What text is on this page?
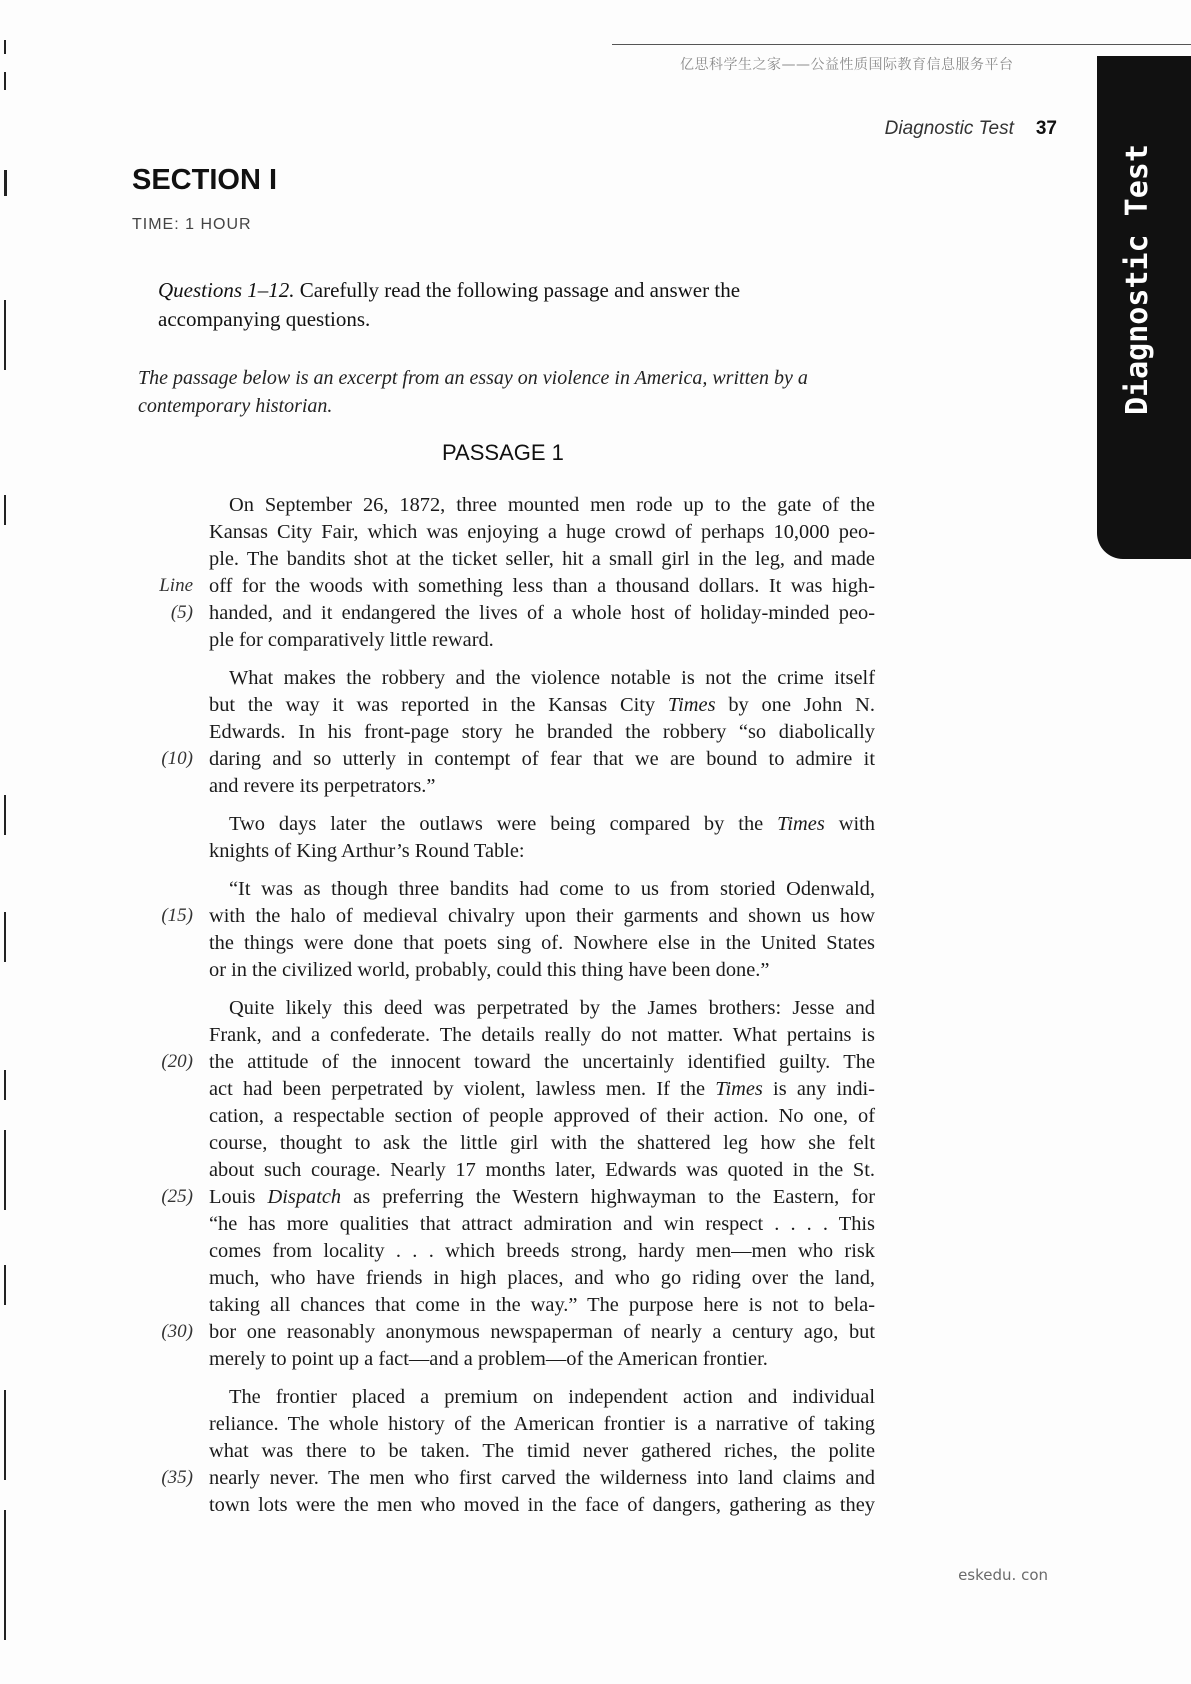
亿思科学生之家——公益性质国际教育信息服务平台
Diagnostic Test 37
Diagnostic Test
SECTION I
TIME: 1 HOUR

Questions 1–12. Carefully read the following passage and answer the accompanying questions.

The passage below is an excerpt from an essay on violence in America, written by a contemporary historian.

PASSAGE 1
On September 26, 1872, three mounted men rode up to the gate of the
Kansas City Fair, which was enjoying a huge crowd of perhaps 10,000 peo-
ple. The bandits shot at the ticket seller, hit a small girl in the leg, and made
off for the woods with something less than a thousand dollars. It was high-
handed, and it endangered the lives of a whole host of holiday-minded peo-
ple for comparatively little reward.
What makes the robbery and the violence notable is not the crime itself
but the way it was reported in the Kansas City Times by one John N.
Edwards. In his front-page story he branded the robbery “so diabolically
daring and so utterly in contempt of fear that we are bound to admire it
and revere its perpetrators.”
Two days later the outlaws were being compared by the Times with
knights of King Arthur’s Round Table:
“It was as though three bandits had come to us from storied Odenwald,
with the halo of medieval chivalry upon their garments and shown us how
the things were done that poets sing of. Nowhere else in the United States
or in the civilized world, probably, could this thing have been done.”
Quite likely this deed was perpetrated by the James brothers: Jesse and
Frank, and a confederate. The details really do not matter. What pertains is
the attitude of the innocent toward the uncertainly identified guilty. The
act had been perpetrated by violent, lawless men. If the Times is any indi-
cation, a respectable section of people approved of their action. No one, of
course, thought to ask the little girl with the shattered leg how she felt
about such courage. Nearly 17 months later, Edwards was quoted in the St.
Louis Dispatch as preferring the Western highwayman to the Eastern, for
“he has more qualities that attract admiration and win respect . . . . This
comes from locality . . . which breeds strong, hardy men—men who risk
much, who have friends in high places, and who go riding over the land,
taking all chances that come in the way.” The purpose here is not to bela-
bor one reasonably anonymous newspaperman of nearly a century ago, but
merely to point up a fact—and a problem—of the American frontier.
The frontier placed a premium on independent action and individual
reliance. The whole history of the American frontier is a narrative of taking
what was there to be taken. The timid never gathered riches, the polite
nearly never. The men who first carved the wilderness into land claims and
town lots were the men who moved in the face of dangers, gathering as they
Line
(5)
(10)
(15)
(20)
(25)
(30)
(35)
eskedu. con
